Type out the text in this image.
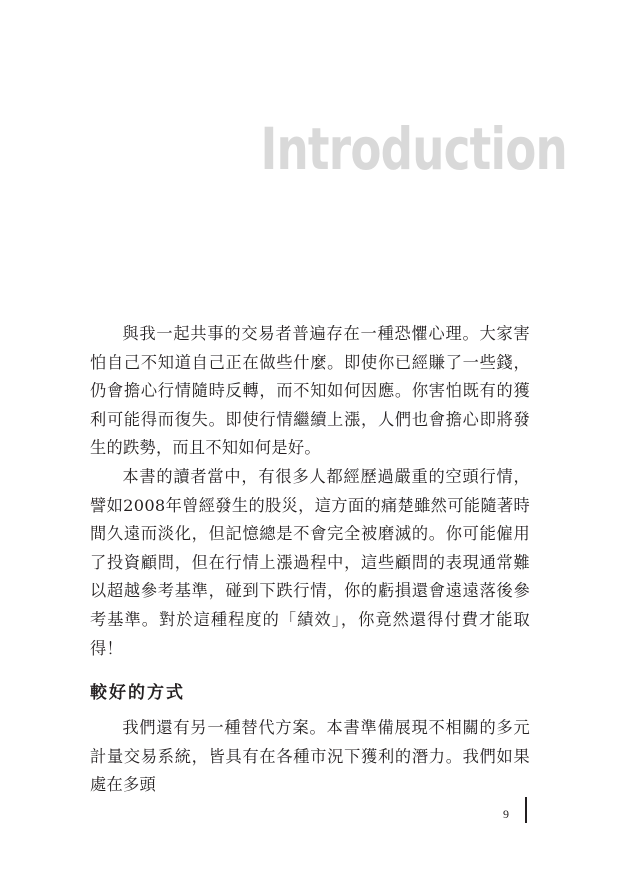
Introduction

與我一起共事的交易者普遍存在一種恐懼心理。大家害怕自己不知道自己正在做些什麼。即使你已經賺了一些錢，仍會擔心行情隨時反轉，而不知如何因應。你害怕既有的獲利可能得而復失。即使行情繼續上漲，人們也會擔心即將發生的跌勢，而且不知如何是好。

本書的讀者當中，有很多人都經歷過嚴重的空頭行情，譬如2008年曾經發生的股災，這方面的痛楚雖然可能隨著時間久遠而淡化，但記憶總是不會完全被磨滅的。你可能僱用了投資顧問，但在行情上漲過程中，這些顧問的表現通常難以超越參考基準，碰到下跌行情，你的虧損還會遠遠落後參考基準。對於這種程度的「績效」，你竟然還得付費才能取得！

較好的方式

我們還有另一種替代方案。本書準備展現不相關的多元計量交易系統，皆具有在各種市況下獲利的潛力。我們如果處在多頭

9
